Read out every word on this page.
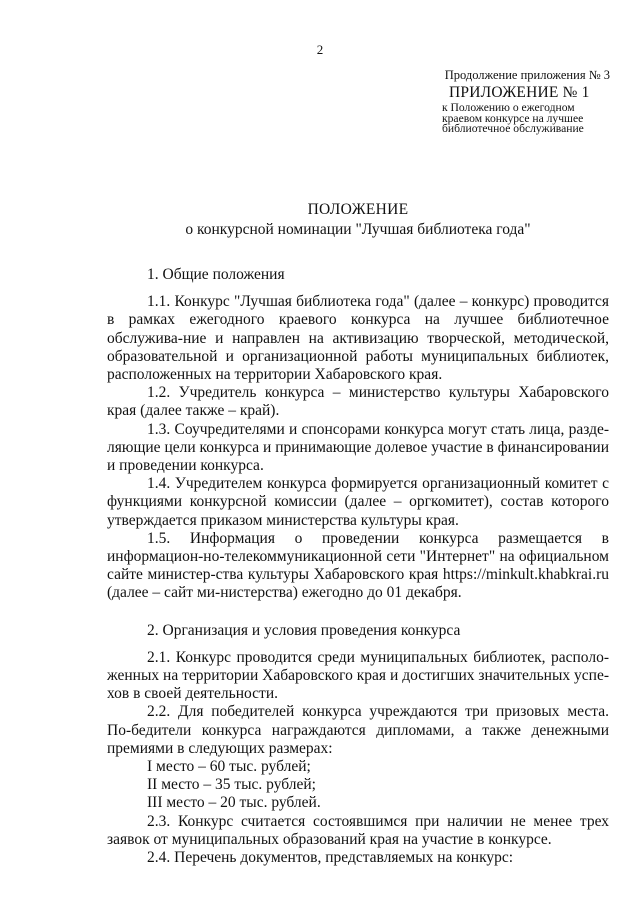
2
Продолжение приложения № 3
ПРИЛОЖЕНИЕ № 1
к Положению о ежегодном
краевом конкурсе на лучшее
библиотечное обслуживание
ПОЛОЖЕНИЕ
о конкурсной номинации "Лучшая библиотека года"

1. Общие положения

1.1. Конкурс "Лучшая библиотека года" (далее – конкурс) проводится в рамках ежегодного краевого конкурса на лучшее библиотечное обслужива-ние и направлен на активизацию творческой, методической, образовательной и организационной работы муниципальных библиотек, расположенных на территории Хабаровского края.

1.2. Учредитель конкурса – министерство культуры Хабаровского края (далее также – край).

1.3. Соучредителями и спонсорами конкурса могут стать лица, разде-ляющие цели конкурса и принимающие долевое участие в финансировании и проведении конкурса.

1.4. Учредителем конкурса формируется организационный комитет с функциями конкурсной комиссии (далее – оргкомитет), состав которого утверждается приказом министерства культуры края.

1.5. Информация о проведении конкурса размещается в информацион-но-телекоммуникационной сети "Интернет" на официальном сайте министер-ства культуры Хабаровского края https://minkult.khabkrai.ru (далее – сайт ми-нистерства) ежегодно до 01 декабря.

2. Организация и условия проведения конкурса

2.1. Конкурс проводится среди муниципальных библиотек, располо-женных на территории Хабаровского края и достигших значительных успе-хов в своей деятельности.

2.2. Для победителей конкурса учреждаются три призовых места. По-бедители конкурса награждаются дипломами, а также денежными премиями в следующих размерах:

I место – 60 тыс. рублей;

II место – 35 тыс. рублей;

III место – 20 тыс. рублей.

2.3. Конкурс считается состоявшимся при наличии не менее трех заявок от муниципальных образований края на участие в конкурсе.

2.4. Перечень документов, представляемых на конкурс:
